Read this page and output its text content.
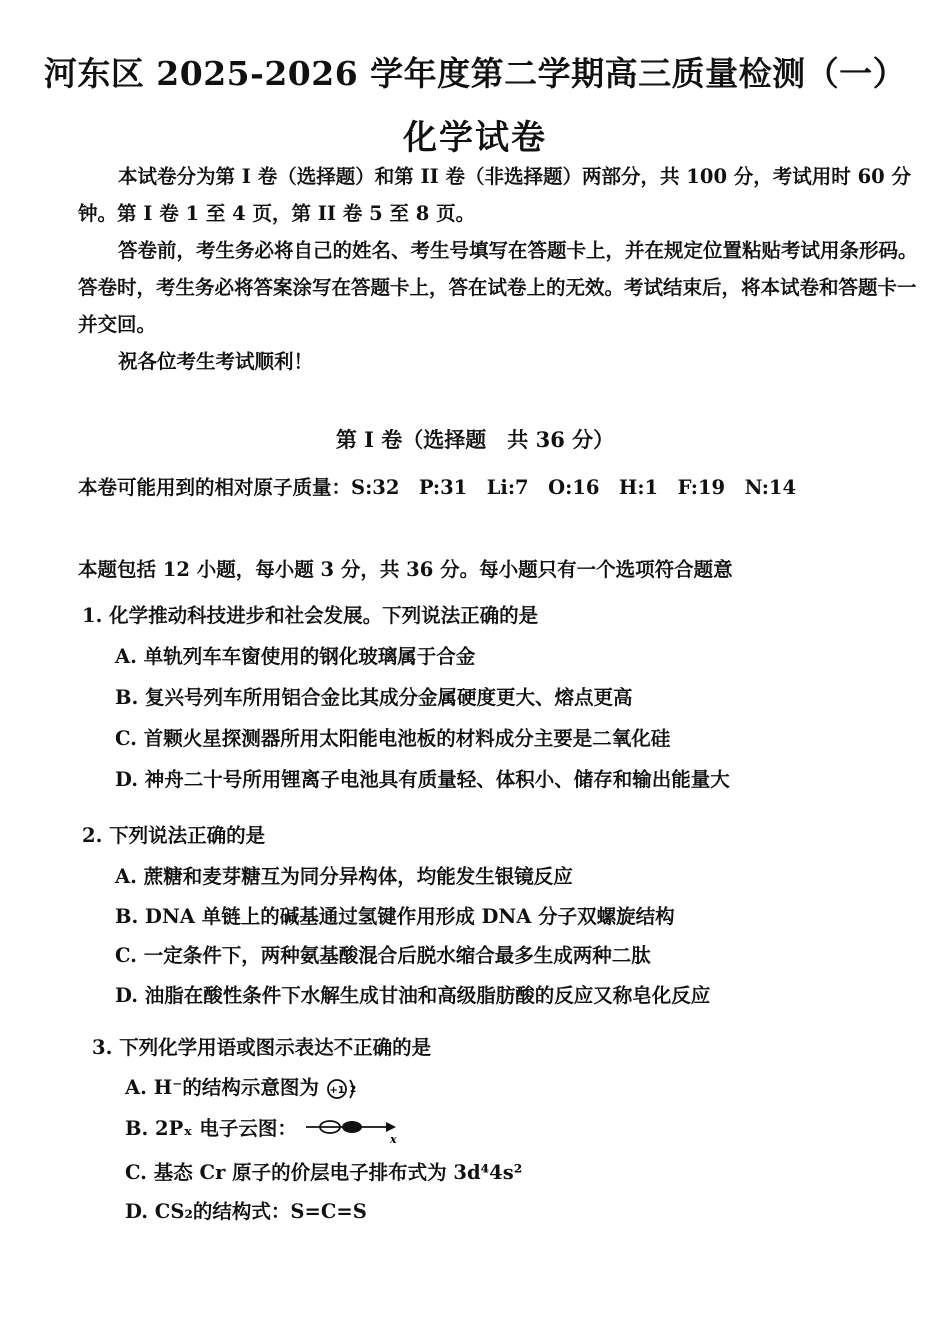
河东区 2025-2026 学年度第二学期高三质量检测（一）
化学试卷

本试卷分为第 I 卷（选择题）和第 II 卷（非选择题）两部分，共 100 分，考试用时 60 分钟。第 I 卷 1 至 4 页，第 II 卷 5 至 8 页。

答卷前，考生务必将自己的姓名、考生号填写在答题卡上，并在规定位置粘贴考试用条形码。答卷时，考生务必将答案涂写在答题卡上，答在试卷上的无效。考试结束后，将本试卷和答题卡一并交回。

祝各位考生考试顺利！

第 I 卷（选择题　共 36 分）
本卷可能用到的相对原子质量：S:32　P:31　Li:7　O:16　H:1　F:19　N:14
本题包括 12 小题，每小题 3 分，共 36 分。每小题只有一个选项符合题意
1. 化学推动科技进步和社会发展。下列说法正确的是
A. 单轨列车车窗使用的钢化玻璃属于合金
B. 复兴号列车所用铝合金比其成分金属硬度更大、熔点更高
C. 首颗火星探测器所用太阳能电池板的材料成分主要是二氧化硅
D. 神舟二十号所用锂离子电池具有质量轻、体积小、储存和输出能量大
2. 下列说法正确的是
A. 蔗糖和麦芽糖互为同分异构体，均能发生银镜反应
B. DNA 单链上的碱基通过氢键作用形成 DNA 分子双螺旋结构
C. 一定条件下，两种氨基酸混合后脱水缩合最多生成两种二肽
D. 油脂在酸性条件下水解生成甘油和高级脂肪酸的反应又称皂化反应
3. 下列化学用语或图示表达不正确的是
A. H⁻的结构示意图为 +1 2
B. 2Pₓ 电子云图：	x
C. 基态 Cr 原子的价层电子排布式为 3d⁴4s²
D. CS₂的结构式：S=C=S
